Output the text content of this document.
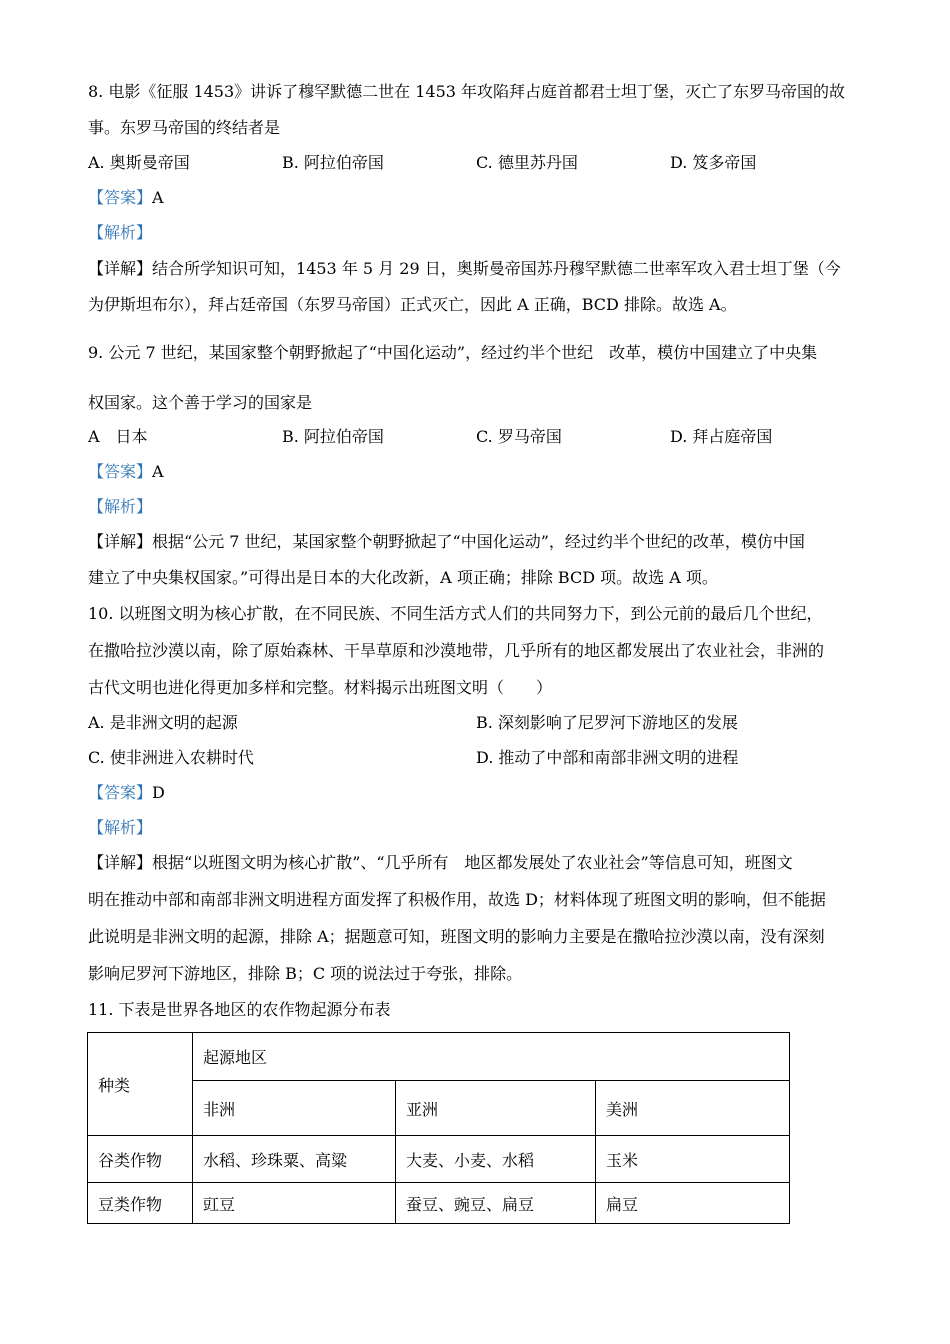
8. 电影《征服 1453》讲诉了穆罕默德二世在 1453 年攻陷拜占庭首都君士坦丁堡，灭亡了东罗马帝国的故
事。东罗马帝国的终结者是
A. 奥斯曼帝国	B. 阿拉伯帝国	C. 德里苏丹国	D. 笈多帝国
【答案】A
【解析】
【详解】结合所学知识可知，1453 年 5 月 29 日，奥斯曼帝国苏丹穆罕默德二世率军攻入君士坦丁堡（今
为伊斯坦布尔），拜占廷帝国（东罗马帝国）正式灭亡，因此 A 正确，BCD 排除。故选 A。
9. 公元 7 世纪，某国家整个朝野掀起了“中国化运动”，经过约半个世纪　改革，模仿中国建立了中央集
权国家。这个善于学习的国家是
A　日本	B. 阿拉伯帝国	C. 罗马帝国	D. 拜占庭帝国
【答案】A
【解析】
【详解】根据“公元 7 世纪，某国家整个朝野掀起了“中国化运动”，经过约半个世纪的改革，模仿中国
建立了中央集权国家。”可得出是日本的大化改新，A 项正确；排除 BCD 项。故选 A 项。
10. 以班图文明为核心扩散，在不同民族、不同生活方式人们的共同努力下，到公元前的最后几个世纪，
在撒哈拉沙漠以南，除了原始森林、干旱草原和沙漠地带，几乎所有的地区都发展出了农业社会，非洲的
古代文明也进化得更加多样和完整。材料揭示出班图文明（　　）
A. 是非洲文明的起源	B. 深刻影响了尼罗河下游地区的发展
C. 使非洲进入农耕时代	D. 推动了中部和南部非洲文明的进程
【答案】D
【解析】
【详解】根据“以班图文明为核心扩散”、“几乎所有　地区都发展处了农业社会”等信息可知，班图文
明在推动中部和南部非洲文明进程方面发挥了积极作用，故选 D；材料体现了班图文明的影响，但不能据
此说明是非洲文明的起源，排除 A；据题意可知，班图文明的影响力主要是在撒哈拉沙漠以南，没有深刻
影响尼罗河下游地区，排除 B；C 项的说法过于夸张，排除。
11. 下表是世界各地区的农作物起源分布表
种类	起源地区		
	非洲	亚洲	美洲
谷类作物	水稻、珍珠粟、高粱	大麦、小麦、水稻	玉米
豆类作物	豇豆	蚕豆、豌豆、扁豆	扁豆
